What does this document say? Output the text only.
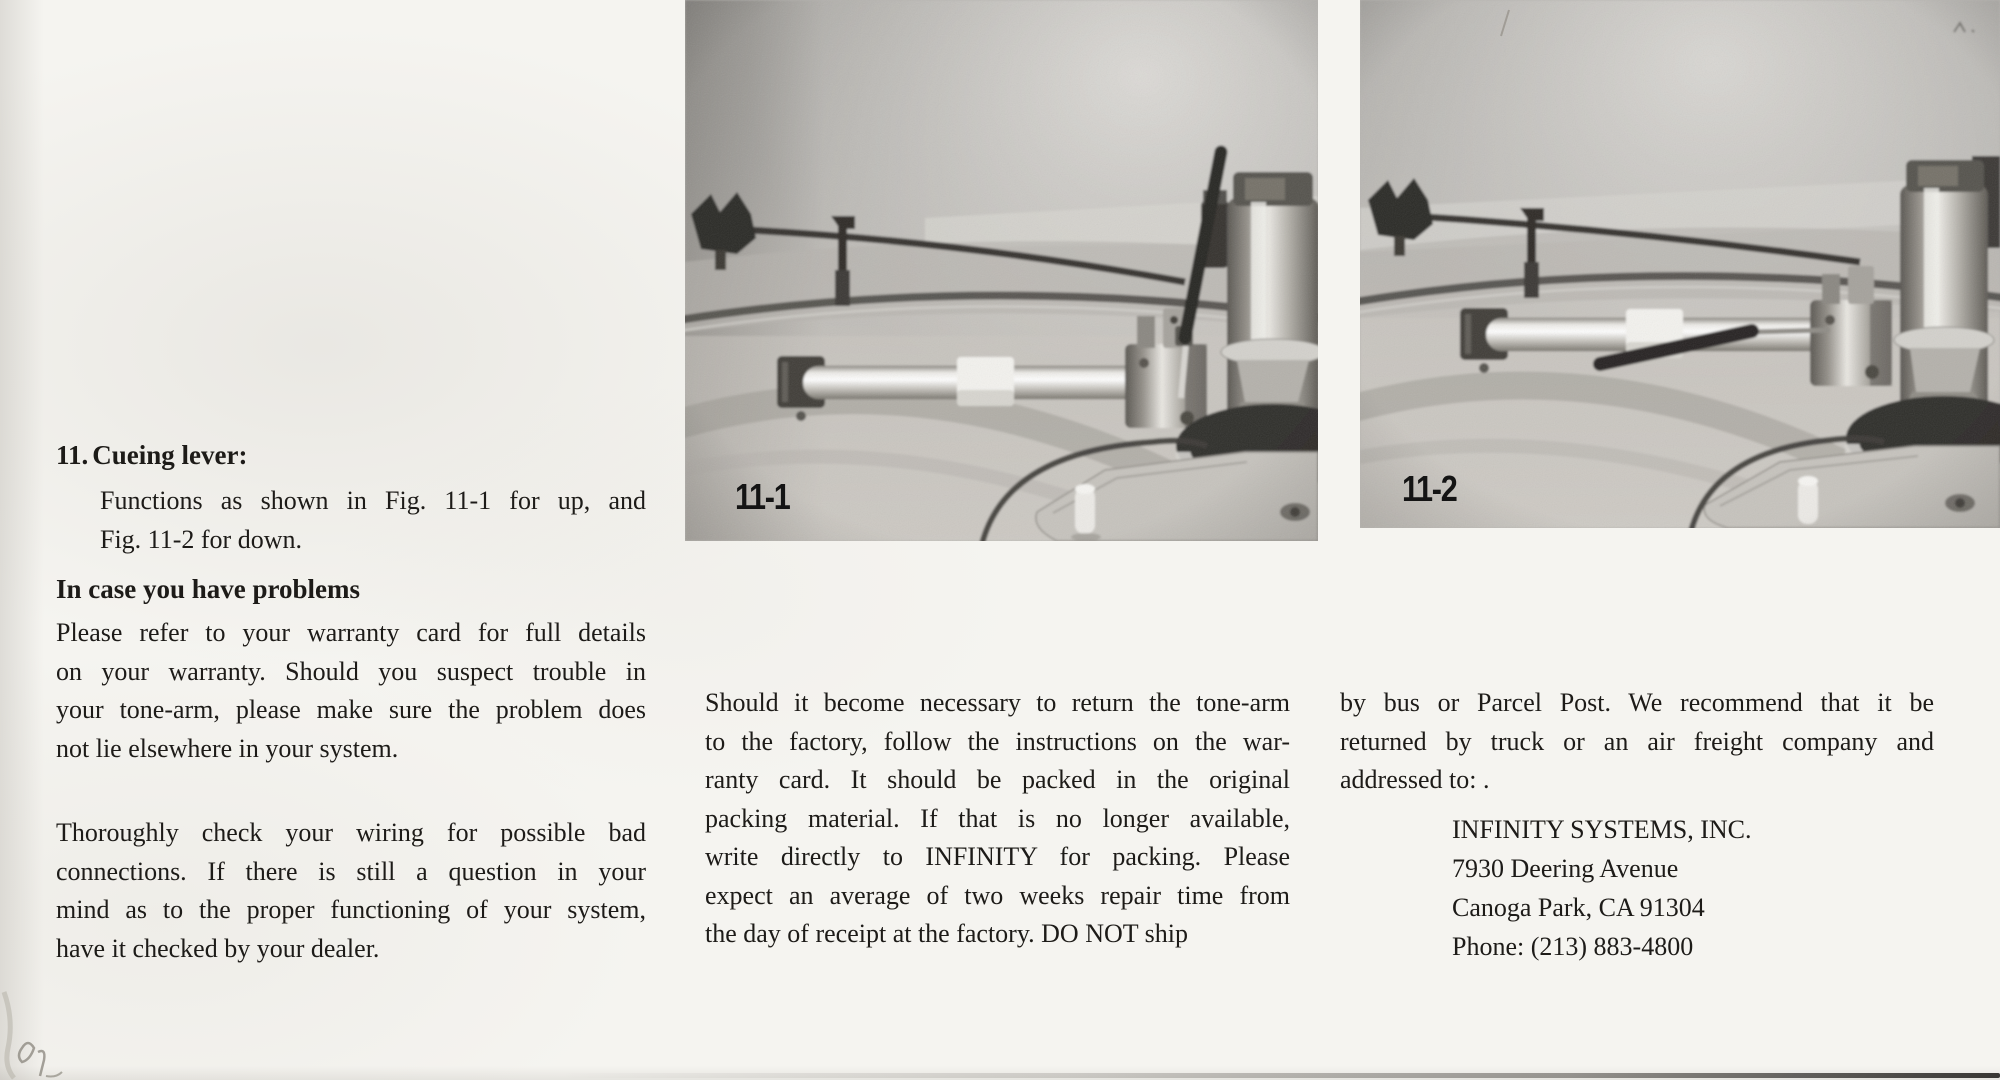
11-1	11-2
11. Cueing lever:
Functions as shown in Fig. 11-1 for up, and
Fig. 11-2 for down.
In case you have problems
Please refer to your warranty card for full details
on your warranty. Should you suspect trouble in
your tone-arm, please make sure the problem does
not lie elsewhere in your system.
Thoroughly check your wiring for possible bad
connections. If there is still a question in your
mind as to the proper functioning of your system,
have it checked by your dealer.
Should it become necessary to return the tone-arm
to the factory, follow the instructions on the war-
ranty card. It should be packed in the original
packing material. If that is no longer available,
write directly to INFINITY for packing. Please
expect an average of two weeks repair time from
the day of receipt at the factory. DO NOT ship
by bus or Parcel Post. We recommend that it be
returned by truck or an air freight company and
addressed to: .
INFINITY SYSTEMS, INC.
7930 Deering Avenue
Canoga Park, CA 91304
Phone: (213) 883-4800
